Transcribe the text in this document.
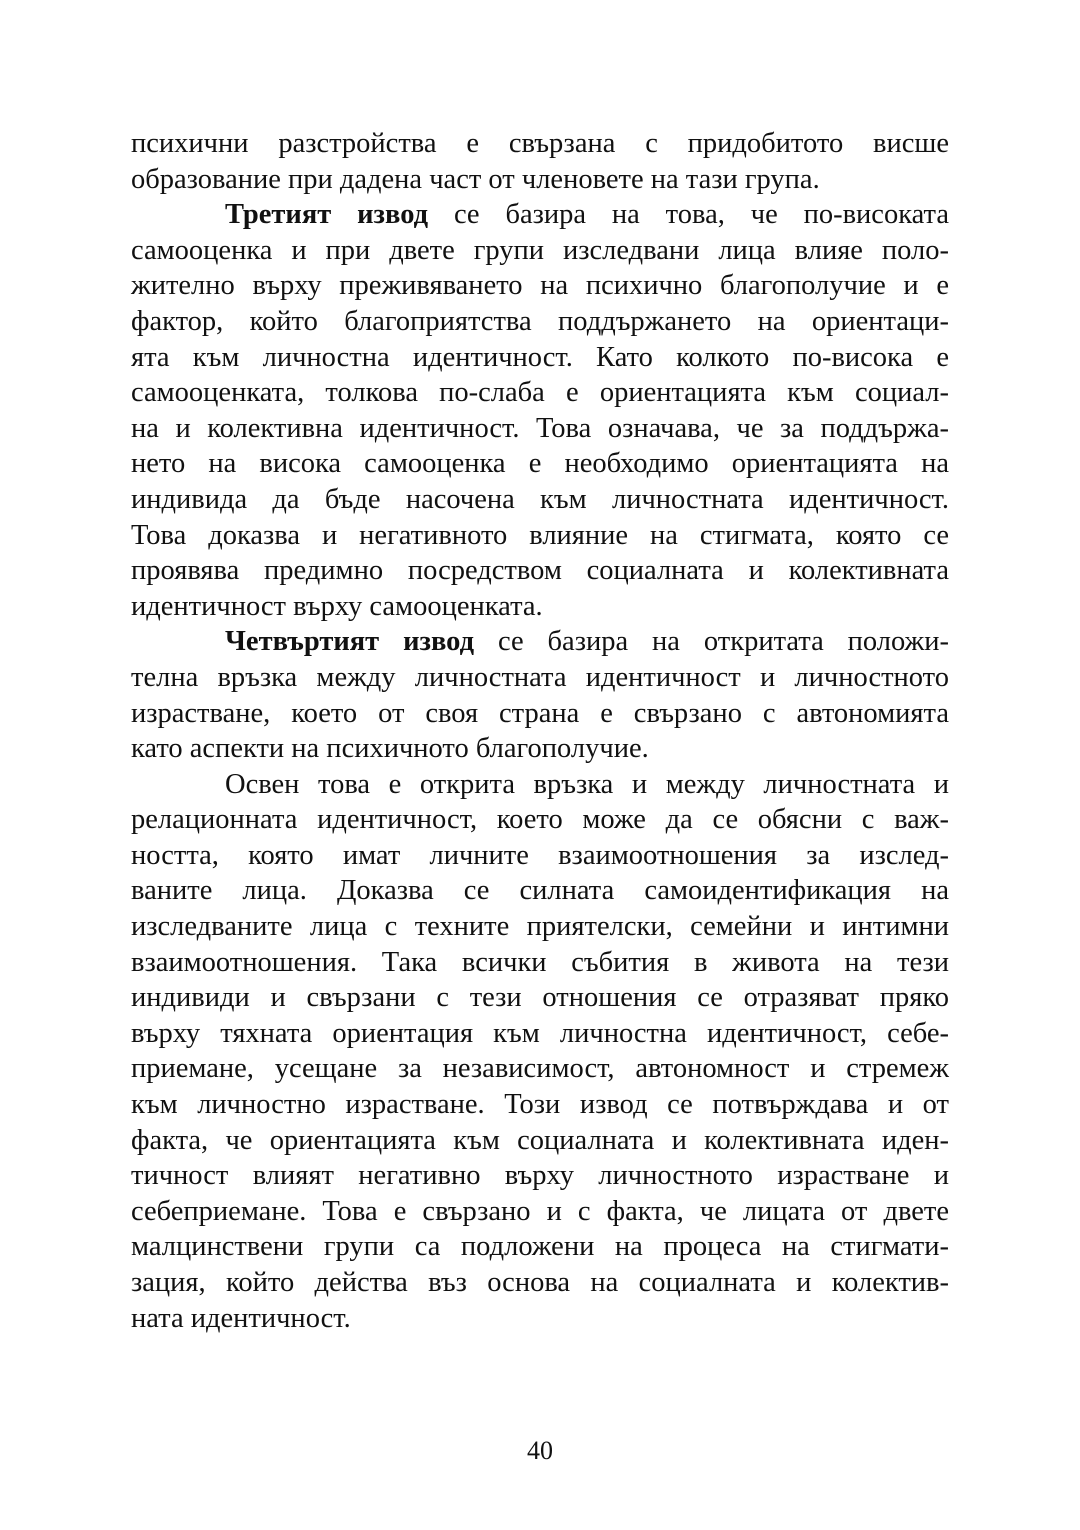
психични разстройства е свързана с придобитото висше
образование при дадена част от членовете на тази група.
Третият извод се базира на това, че по-високата
самооценка и при двете групи изследвани лица влияе поло-
жително върху преживяването на психично благополучие и е
фактор, който благоприятства поддържането на ориентаци-
ята към личностна идентичност. Като колкото по-висока е
самооценката, толкова по-слаба е ориентацията към социал-
на и колективна идентичност. Това означава, че за поддържа-
нето на висока самооценка е необходимо ориентацията на
индивида да бъде насочена към личностната идентичност.
Това доказва и негативното влияние на стигмата, която се
проявява предимно посредством социалната и колективната
идентичност върху самооценката.
Четвъртият извод се базира на откритата положи-
телна връзка между личностната идентичност и личностното
израстване, което от своя страна е свързано с автономията
като аспекти на психичното благополучие.
Освен това е открита връзка и между личностната и
релационната идентичност, което може да се обясни с важ-
ността, която имат личните взаимоотношения за изслед-
ваните лица. Доказва се силната самоидентификация на
изследваните лица с техните приятелски, семейни и интимни
взаимоотношения. Така всички събития в живота на тези
индивиди и свързани с тези отношения се отразяват пряко
върху тяхната ориентация към личностна идентичност, себе-
приемане, усещане за независимост, автономност и стремеж
към личностно израстване. Този извод се потвърждава и от
факта, че ориентацията към социалната и колективната иден-
тичност влияят негативно върху личностното израстване и
себеприемане. Това е свързано и с факта, че лицата от двете
малцинствени групи са подложени на процеса на стигмати-
зация, който действа въз основа на социалната и колектив-
ната идентичност.
40
